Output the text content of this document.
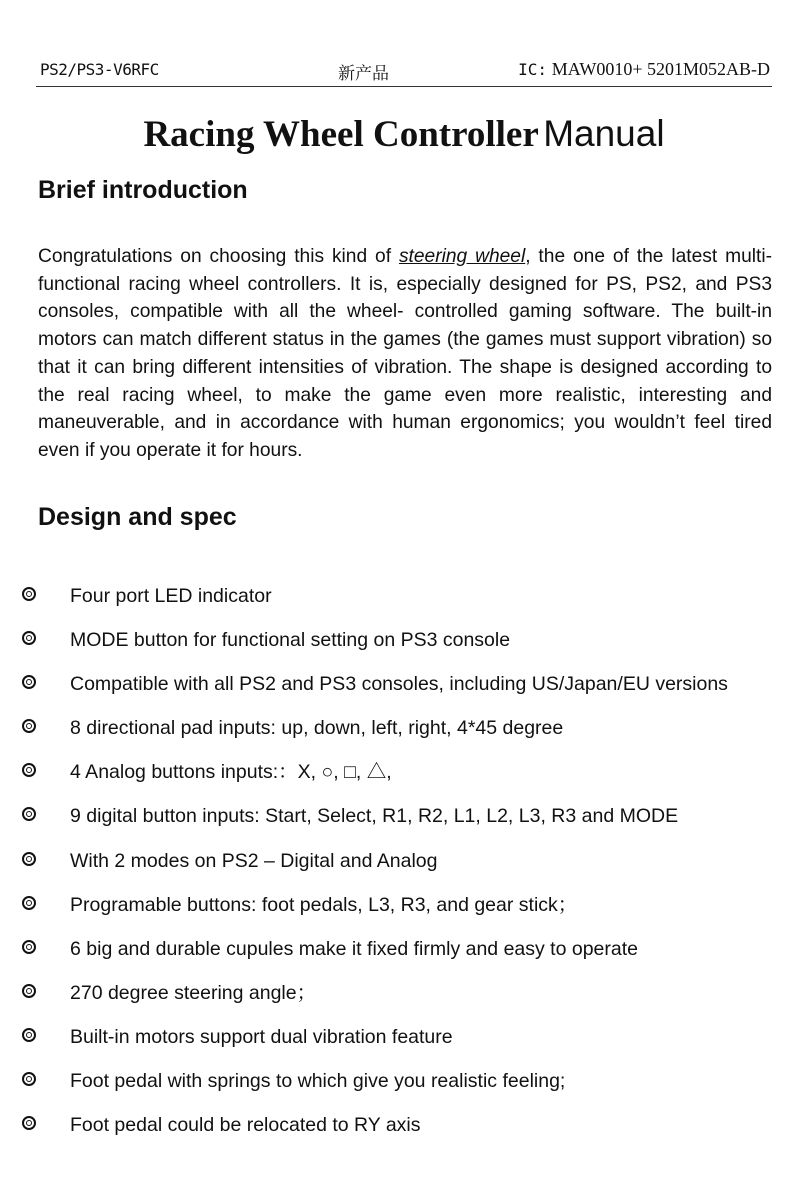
PS2/PS3-V6RFC	新产品	IC: MAW0010+ 5201M052AB-D
Racing Wheel Controller Manual
Brief introduction

Congratulations on choosing this kind of steering wheel, the one of the latest multi-functional racing wheel controllers. It is, especially designed for PS, PS2, and PS3 consoles, compatible with all the wheel- controlled gaming software. The built-in motors can match different status in the games (the games must support vibration) so that it can bring different intensities of vibration. The shape is designed according to the real racing wheel, to make the game even more realistic, interesting and maneuverable, and in accordance with human ergonomics; you wouldn’t feel tired even if you operate it for hours.

Design and spec
Four port LED indicator
MODE button for functional setting on PS3 console
Compatible with all PS2 and PS3 consoles, including US/Japan/EU versions
8 directional pad inputs: up, down, left, right, 4*45 degree
4 Analog buttons inputs:：X, ○, □, △,
9 digital button inputs: Start, Select, R1, R2, L1, L2, L3, R3 and MODE
With 2 modes on PS2 – Digital and Analog
Programable buttons: foot pedals, L3, R3, and gear stick；
6 big and durable cupules make it fixed firmly and easy to operate
270 degree steering angle；
Built-in motors support dual vibration feature
Foot pedal with springs to which give you realistic feeling;
Foot pedal could be relocated to RY axis
